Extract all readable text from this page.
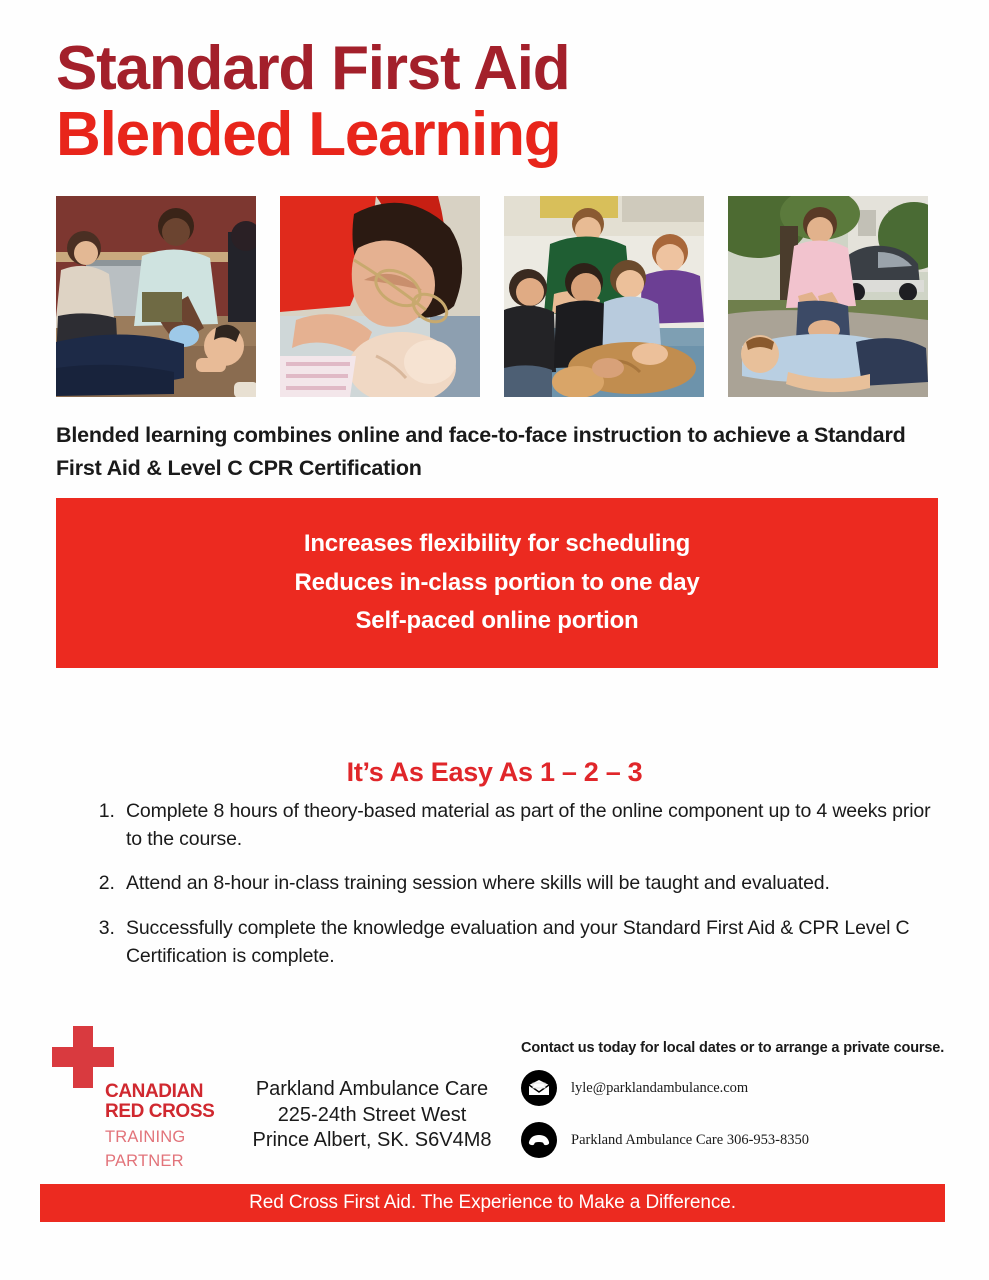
Standard First Aid
Blended Learning
Blended learning combines online and face-to-face instruction to achieve a Standard First Aid & Level C CPR Certification
Increases flexibility for scheduling
Reduces in-class portion to one day
Self-paced online portion
It’s As Easy As 1 – 2 – 3
1. Complete 8 hours of theory-based material as part of the online component up to 4 weeks prior to the course.
2. Attend an 8-hour in-class training session where skills will be taught and evaluated.
3. Successfully complete the knowledge evaluation and your Standard First Aid & CPR Level C Certification is complete.
CANADIAN
RED CROSS
TRAINING
PARTNER
Parkland Ambulance Care
225-24th Street West
Prince Albert, SK. S6V4M8
Contact us today for local dates or to arrange a private course.
lyle@parklandambulance.com
Parkland Ambulance Care 306-953-8350
Red Cross First Aid. The Experience to Make a Difference.
